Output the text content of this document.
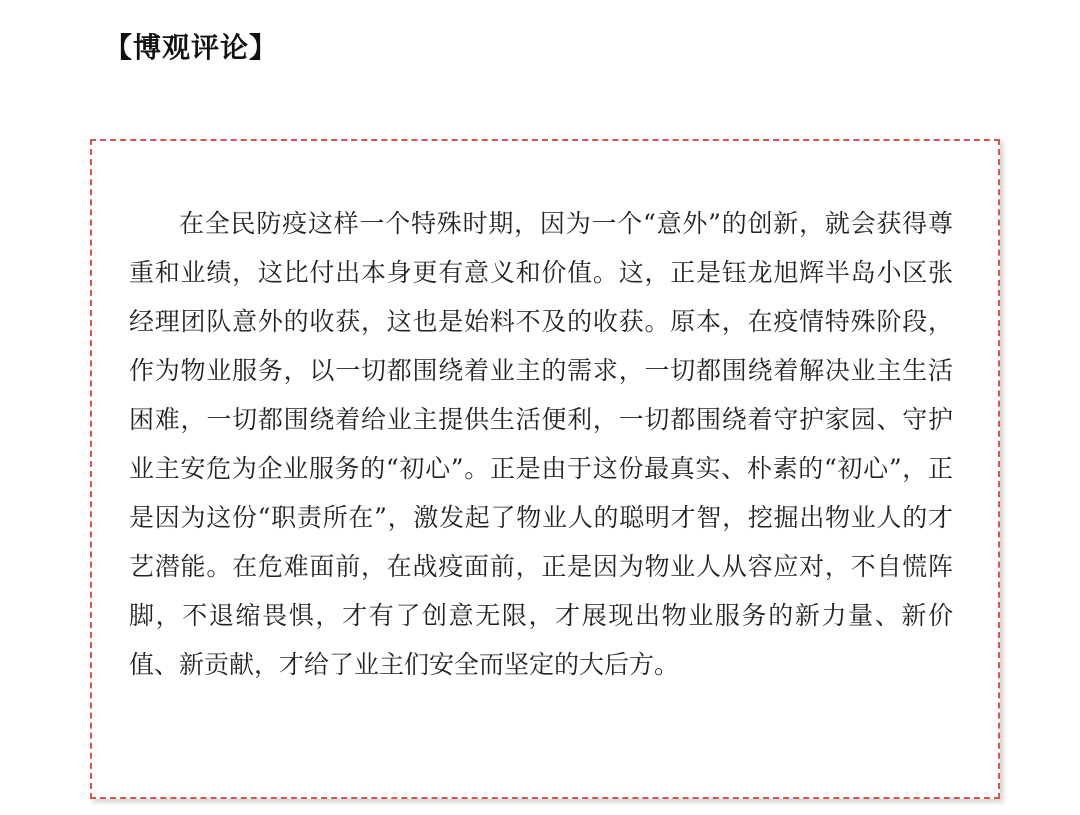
【博观评论】

在全民防疫这样一个特殊时期，因为一个“意外”的创新，就会获得尊重和业绩，这比付出本身更有意义和价值。这，正是钰龙旭辉半岛小区张经理团队意外的收获，这也是始料不及的收获。原本，在疫情特殊阶段，作为物业服务，以一切都围绕着业主的需求，一切都围绕着解决业主生活困难，一切都围绕着给业主提供生活便利，一切都围绕着守护家园、守护业主安危为企业服务的“初心”。正是由于这份最真实、朴素的“初心”，正是因为这份“职责所在”，激发起了物业人的聪明才智，挖掘出物业人的才艺潜能。在危难面前，在战疫面前，正是因为物业人从容应对，不自慌阵脚，不退缩畏惧，才有了创意无限，才展现出物业服务的新力量、新价值、新贡献，才给了业主们安全而坚定的大后方。
